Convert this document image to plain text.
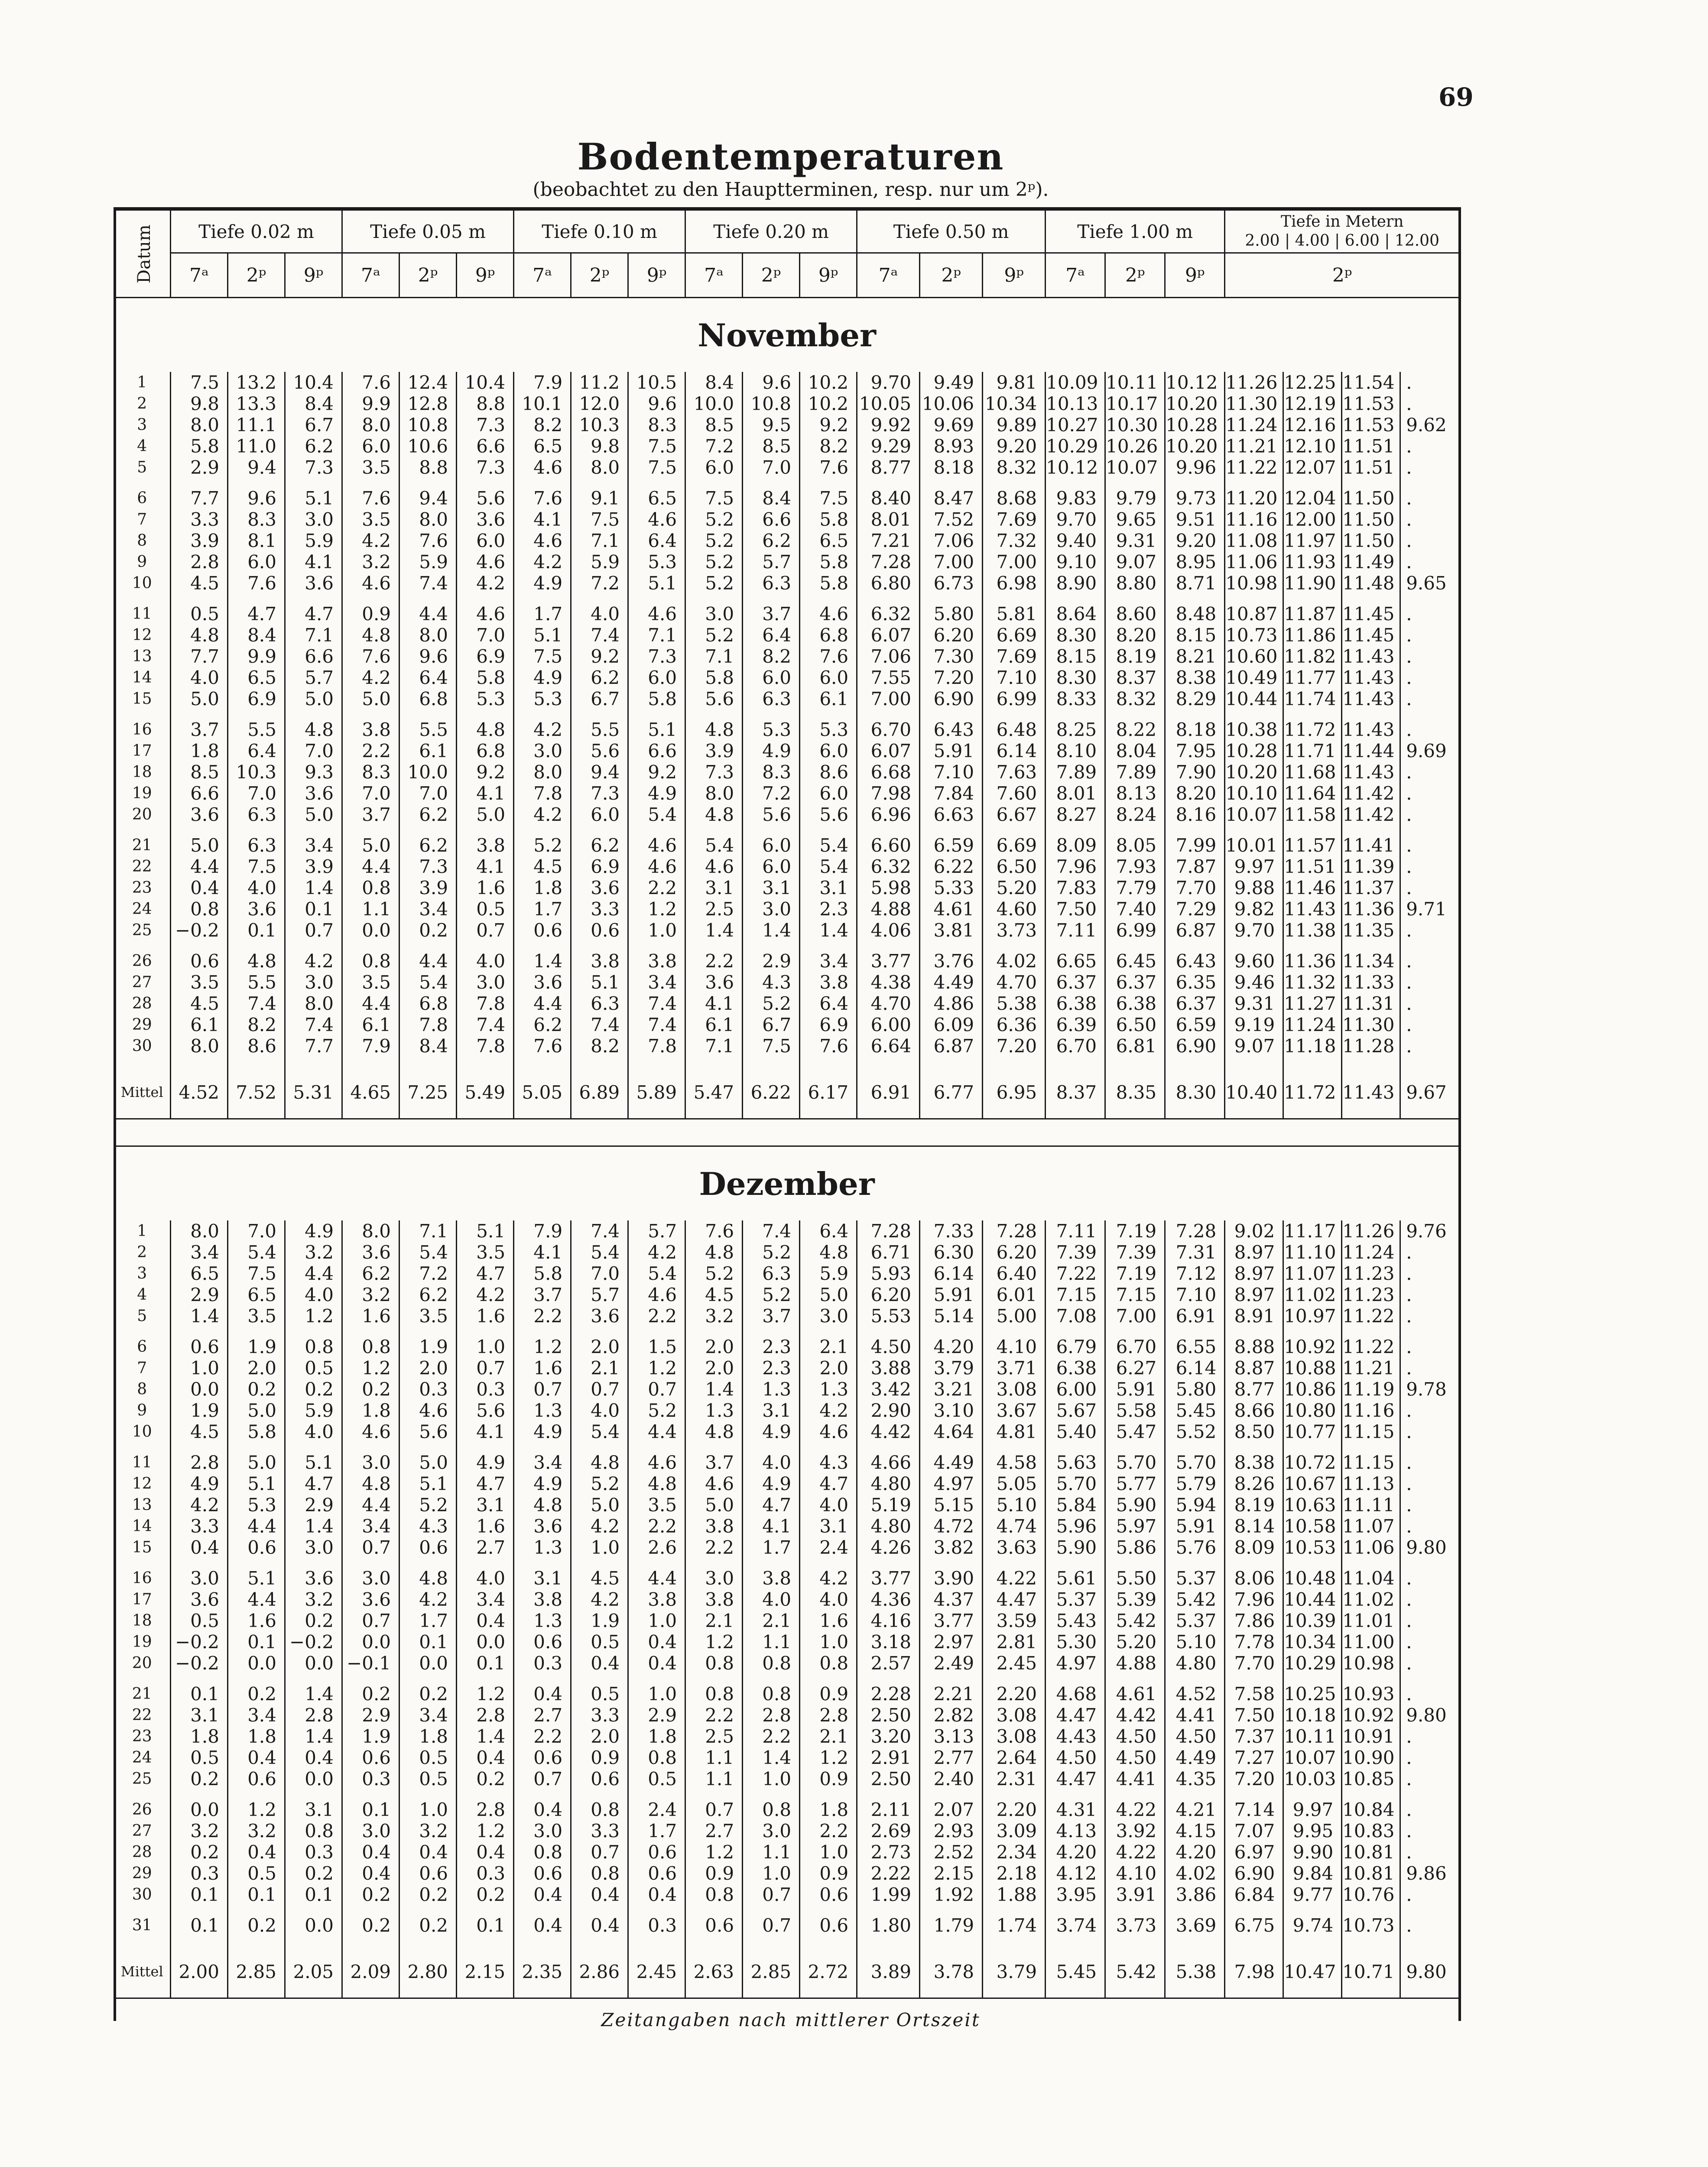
69
Bodentemperaturen
(beobachtet zu den Hauptterminen, resp. nur um 2ᵖ).
Datum	Tiefe 0.02 m			Tiefe 0.05 m			Tiefe 0.10 m			Tiefe 0.20 m			Tiefe 0.50 m			Tiefe 1.00 m			Tiefe in Metern
2.00 | 4.00 | 6.00 | 12.00			

	7ᵃ	2ᵖ	9ᵖ	7ᵃ	2ᵖ	9ᵖ	7ᵃ	2ᵖ	9ᵖ	7ᵃ	2ᵖ	9ᵖ	7ᵃ	2ᵖ	9ᵖ	7ᵃ	2ᵖ	9ᵖ	2ᵖ			
November																						
1	7.5	13.2	10.4	7.6	12.4	10.4	7.9	11.2	10.5	8.4	9.6	10.2	9.70	9.49	9.81	10.09	10.11	10.12	11.26	12.25	11.54	.
2	9.8	13.3	8.4	9.9	12.8	8.8	10.1	12.0	9.6	10.0	10.8	10.2	10.05	10.06	10.34	10.13	10.17	10.20	11.30	12.19	11.53	.
3	8.0	11.1	6.7	8.0	10.8	7.3	8.2	10.3	8.3	8.5	9.5	9.2	9.92	9.69	9.89	10.27	10.30	10.28	11.24	12.16	11.53	9.62
4	5.8	11.0	6.2	6.0	10.6	6.6	6.5	9.8	7.5	7.2	8.5	8.2	9.29	8.93	9.20	10.29	10.26	10.20	11.21	12.10	11.51	.
5	2.9	9.4	7.3	3.5	8.8	7.3	4.6	8.0	7.5	6.0	7.0	7.6	8.77	8.18	8.32	10.12	10.07	9.96	11.22	12.07	11.51	.

6	7.7	9.6	5.1	7.6	9.4	5.6	7.6	9.1	6.5	7.5	8.4	7.5	8.40	8.47	8.68	9.83	9.79	9.73	11.20	12.04	11.50	.
7	3.3	8.3	3.0	3.5	8.0	3.6	4.1	7.5	4.6	5.2	6.6	5.8	8.01	7.52	7.69	9.70	9.65	9.51	11.16	12.00	11.50	.
8	3.9	8.1	5.9	4.2	7.6	6.0	4.6	7.1	6.4	5.2	6.2	6.5	7.21	7.06	7.32	9.40	9.31	9.20	11.08	11.97	11.50	.
9	2.8	6.0	4.1	3.2	5.9	4.6	4.2	5.9	5.3	5.2	5.7	5.8	7.28	7.00	7.00	9.10	9.07	8.95	11.06	11.93	11.49	.
10	4.5	7.6	3.6	4.6	7.4	4.2	4.9	7.2	5.1	5.2	6.3	5.8	6.80	6.73	6.98	8.90	8.80	8.71	10.98	11.90	11.48	9.65

11	0.5	4.7	4.7	0.9	4.4	4.6	1.7	4.0	4.6	3.0	3.7	4.6	6.32	5.80	5.81	8.64	8.60	8.48	10.87	11.87	11.45	.
12	4.8	8.4	7.1	4.8	8.0	7.0	5.1	7.4	7.1	5.2	6.4	6.8	6.07	6.20	6.69	8.30	8.20	8.15	10.73	11.86	11.45	.
13	7.7	9.9	6.6	7.6	9.6	6.9	7.5	9.2	7.3	7.1	8.2	7.6	7.06	7.30	7.69	8.15	8.19	8.21	10.60	11.82	11.43	.
14	4.0	6.5	5.7	4.2	6.4	5.8	4.9	6.2	6.0	5.8	6.0	6.0	7.55	7.20	7.10	8.30	8.37	8.38	10.49	11.77	11.43	.
15	5.0	6.9	5.0	5.0	6.8	5.3	5.3	6.7	5.8	5.6	6.3	6.1	7.00	6.90	6.99	8.33	8.32	8.29	10.44	11.74	11.43	.

16	3.7	5.5	4.8	3.8	5.5	4.8	4.2	5.5	5.1	4.8	5.3	5.3	6.70	6.43	6.48	8.25	8.22	8.18	10.38	11.72	11.43	.
17	1.8	6.4	7.0	2.2	6.1	6.8	3.0	5.6	6.6	3.9	4.9	6.0	6.07	5.91	6.14	8.10	8.04	7.95	10.28	11.71	11.44	9.69
18	8.5	10.3	9.3	8.3	10.0	9.2	8.0	9.4	9.2	7.3	8.3	8.6	6.68	7.10	7.63	7.89	7.89	7.90	10.20	11.68	11.43	.
19	6.6	7.0	3.6	7.0	7.0	4.1	7.8	7.3	4.9	8.0	7.2	6.0	7.98	7.84	7.60	8.01	8.13	8.20	10.10	11.64	11.42	.
20	3.6	6.3	5.0	3.7	6.2	5.0	4.2	6.0	5.4	4.8	5.6	5.6	6.96	6.63	6.67	8.27	8.24	8.16	10.07	11.58	11.42	.

21	5.0	6.3	3.4	5.0	6.2	3.8	5.2	6.2	4.6	5.4	6.0	5.4	6.60	6.59	6.69	8.09	8.05	7.99	10.01	11.57	11.41	.
22	4.4	7.5	3.9	4.4	7.3	4.1	4.5	6.9	4.6	4.6	6.0	5.4	6.32	6.22	6.50	7.96	7.93	7.87	9.97	11.51	11.39	.
23	0.4	4.0	1.4	0.8	3.9	1.6	1.8	3.6	2.2	3.1	3.1	3.1	5.98	5.33	5.20	7.83	7.79	7.70	9.88	11.46	11.37	.
24	0.8	3.6	0.1	1.1	3.4	0.5	1.7	3.3	1.2	2.5	3.0	2.3	4.88	4.61	4.60	7.50	7.40	7.29	9.82	11.43	11.36	9.71
25	−0.2	0.1	0.7	0.0	0.2	0.7	0.6	0.6	1.0	1.4	1.4	1.4	4.06	3.81	3.73	7.11	6.99	6.87	9.70	11.38	11.35	.

26	0.6	4.8	4.2	0.8	4.4	4.0	1.4	3.8	3.8	2.2	2.9	3.4	3.77	3.76	4.02	6.65	6.45	6.43	9.60	11.36	11.34	.
27	3.5	5.5	3.0	3.5	5.4	3.0	3.6	5.1	3.4	3.6	4.3	3.8	4.38	4.49	4.70	6.37	6.37	6.35	9.46	11.32	11.33	.
28	4.5	7.4	8.0	4.4	6.8	7.8	4.4	6.3	7.4	4.1	5.2	6.4	4.70	4.86	5.38	6.38	6.38	6.37	9.31	11.27	11.31	.
29	6.1	8.2	7.4	6.1	7.8	7.4	6.2	7.4	7.4	6.1	6.7	6.9	6.00	6.09	6.36	6.39	6.50	6.59	9.19	11.24	11.30	.
30	8.0	8.6	7.7	7.9	8.4	7.8	7.6	8.2	7.8	7.1	7.5	7.6	6.64	6.87	7.20	6.70	6.81	6.90	9.07	11.18	11.28	.

Mittel	4.52	7.52	5.31	4.65	7.25	5.49	5.05	6.89	5.89	5.47	6.22	6.17	6.91	6.77	6.95	8.37	8.35	8.30	10.40	11.72	11.43	9.67

Dezember																						
1	8.0	7.0	4.9	8.0	7.1	5.1	7.9	7.4	5.7	7.6	7.4	6.4	7.28	7.33	7.28	7.11	7.19	7.28	9.02	11.17	11.26	9.76
2	3.4	5.4	3.2	3.6	5.4	3.5	4.1	5.4	4.2	4.8	5.2	4.8	6.71	6.30	6.20	7.39	7.39	7.31	8.97	11.10	11.24	.
3	6.5	7.5	4.4	6.2	7.2	4.7	5.8	7.0	5.4	5.2	6.3	5.9	5.93	6.14	6.40	7.22	7.19	7.12	8.97	11.07	11.23	.
4	2.9	6.5	4.0	3.2	6.2	4.2	3.7	5.7	4.6	4.5	5.2	5.0	6.20	5.91	6.01	7.15	7.15	7.10	8.97	11.02	11.23	.
5	1.4	3.5	1.2	1.6	3.5	1.6	2.2	3.6	2.2	3.2	3.7	3.0	5.53	5.14	5.00	7.08	7.00	6.91	8.91	10.97	11.22	.

6	0.6	1.9	0.8	0.8	1.9	1.0	1.2	2.0	1.5	2.0	2.3	2.1	4.50	4.20	4.10	6.79	6.70	6.55	8.88	10.92	11.22	.
7	1.0	2.0	0.5	1.2	2.0	0.7	1.6	2.1	1.2	2.0	2.3	2.0	3.88	3.79	3.71	6.38	6.27	6.14	8.87	10.88	11.21	.
8	0.0	0.2	0.2	0.2	0.3	0.3	0.7	0.7	0.7	1.4	1.3	1.3	3.42	3.21	3.08	6.00	5.91	5.80	8.77	10.86	11.19	9.78
9	1.9	5.0	5.9	1.8	4.6	5.6	1.3	4.0	5.2	1.3	3.1	4.2	2.90	3.10	3.67	5.67	5.58	5.45	8.66	10.80	11.16	.
10	4.5	5.8	4.0	4.6	5.6	4.1	4.9	5.4	4.4	4.8	4.9	4.6	4.42	4.64	4.81	5.40	5.47	5.52	8.50	10.77	11.15	.

11	2.8	5.0	5.1	3.0	5.0	4.9	3.4	4.8	4.6	3.7	4.0	4.3	4.66	4.49	4.58	5.63	5.70	5.70	8.38	10.72	11.15	.
12	4.9	5.1	4.7	4.8	5.1	4.7	4.9	5.2	4.8	4.6	4.9	4.7	4.80	4.97	5.05	5.70	5.77	5.79	8.26	10.67	11.13	.
13	4.2	5.3	2.9	4.4	5.2	3.1	4.8	5.0	3.5	5.0	4.7	4.0	5.19	5.15	5.10	5.84	5.90	5.94	8.19	10.63	11.11	.
14	3.3	4.4	1.4	3.4	4.3	1.6	3.6	4.2	2.2	3.8	4.1	3.1	4.80	4.72	4.74	5.96	5.97	5.91	8.14	10.58	11.07	.
15	0.4	0.6	3.0	0.7	0.6	2.7	1.3	1.0	2.6	2.2	1.7	2.4	4.26	3.82	3.63	5.90	5.86	5.76	8.09	10.53	11.06	9.80

16	3.0	5.1	3.6	3.0	4.8	4.0	3.1	4.5	4.4	3.0	3.8	4.2	3.77	3.90	4.22	5.61	5.50	5.37	8.06	10.48	11.04	.
17	3.6	4.4	3.2	3.6	4.2	3.4	3.8	4.2	3.8	3.8	4.0	4.0	4.36	4.37	4.47	5.37	5.39	5.42	7.96	10.44	11.02	.
18	0.5	1.6	0.2	0.7	1.7	0.4	1.3	1.9	1.0	2.1	2.1	1.6	4.16	3.77	3.59	5.43	5.42	5.37	7.86	10.39	11.01	.
19	−0.2	0.1	−0.2	0.0	0.1	0.0	0.6	0.5	0.4	1.2	1.1	1.0	3.18	2.97	2.81	5.30	5.20	5.10	7.78	10.34	11.00	.
20	−0.2	0.0	0.0	−0.1	0.0	0.1	0.3	0.4	0.4	0.8	0.8	0.8	2.57	2.49	2.45	4.97	4.88	4.80	7.70	10.29	10.98	.

21	0.1	0.2	1.4	0.2	0.2	1.2	0.4	0.5	1.0	0.8	0.8	0.9	2.28	2.21	2.20	4.68	4.61	4.52	7.58	10.25	10.93	.
22	3.1	3.4	2.8	2.9	3.4	2.8	2.7	3.3	2.9	2.2	2.8	2.8	2.50	2.82	3.08	4.47	4.42	4.41	7.50	10.18	10.92	9.80
23	1.8	1.8	1.4	1.9	1.8	1.4	2.2	2.0	1.8	2.5	2.2	2.1	3.20	3.13	3.08	4.43	4.50	4.50	7.37	10.11	10.91	.
24	0.5	0.4	0.4	0.6	0.5	0.4	0.6	0.9	0.8	1.1	1.4	1.2	2.91	2.77	2.64	4.50	4.50	4.49	7.27	10.07	10.90	.
25	0.2	0.6	0.0	0.3	0.5	0.2	0.7	0.6	0.5	1.1	1.0	0.9	2.50	2.40	2.31	4.47	4.41	4.35	7.20	10.03	10.85	.

26	0.0	1.2	3.1	0.1	1.0	2.8	0.4	0.8	2.4	0.7	0.8	1.8	2.11	2.07	2.20	4.31	4.22	4.21	7.14	9.97	10.84	.
27	3.2	3.2	0.8	3.0	3.2	1.2	3.0	3.3	1.7	2.7	3.0	2.2	2.69	2.93	3.09	4.13	3.92	4.15	7.07	9.95	10.83	.
28	0.2	0.4	0.3	0.4	0.4	0.4	0.8	0.7	0.6	1.2	1.1	1.0	2.73	2.52	2.34	4.20	4.22	4.20	6.97	9.90	10.81	.
29	0.3	0.5	0.2	0.4	0.6	0.3	0.6	0.8	0.6	0.9	1.0	0.9	2.22	2.15	2.18	4.12	4.10	4.02	6.90	9.84	10.81	9.86
30	0.1	0.1	0.1	0.2	0.2	0.2	0.4	0.4	0.4	0.8	0.7	0.6	1.99	1.92	1.88	3.95	3.91	3.86	6.84	9.77	10.76	.

31	0.1	0.2	0.0	0.2	0.2	0.1	0.4	0.4	0.3	0.6	0.7	0.6	1.80	1.79	1.74	3.74	3.73	3.69	6.75	9.74	10.73	.

Mittel	2.00	2.85	2.05	2.09	2.80	2.15	2.35	2.86	2.45	2.63	2.85	2.72	3.89	3.78	3.79	5.45	5.42	5.38	7.98	10.47	10.71	9.80
Zeitangaben nach mittlerer Ortszeit
